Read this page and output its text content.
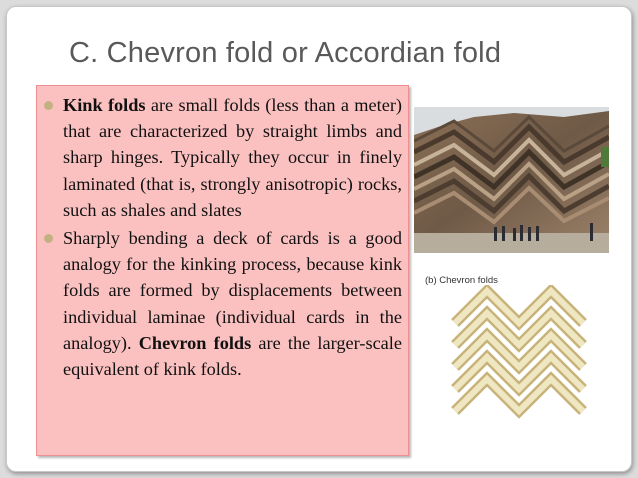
C. Chevron fold or Accordian fold

Kink folds are small folds (less than a meter) that are characterized by straight limbs and sharp hinges. Typically they occur in finely laminated (that is, strongly anisotropic) rocks, such as shales and slates

Sharply bending a deck of cards is a good analogy for the kinking process, because kink folds are formed by displacements between individual laminae (individual cards in the analogy). Chevron folds are the larger-scale equivalent of kink folds.

(b) Chevron folds
